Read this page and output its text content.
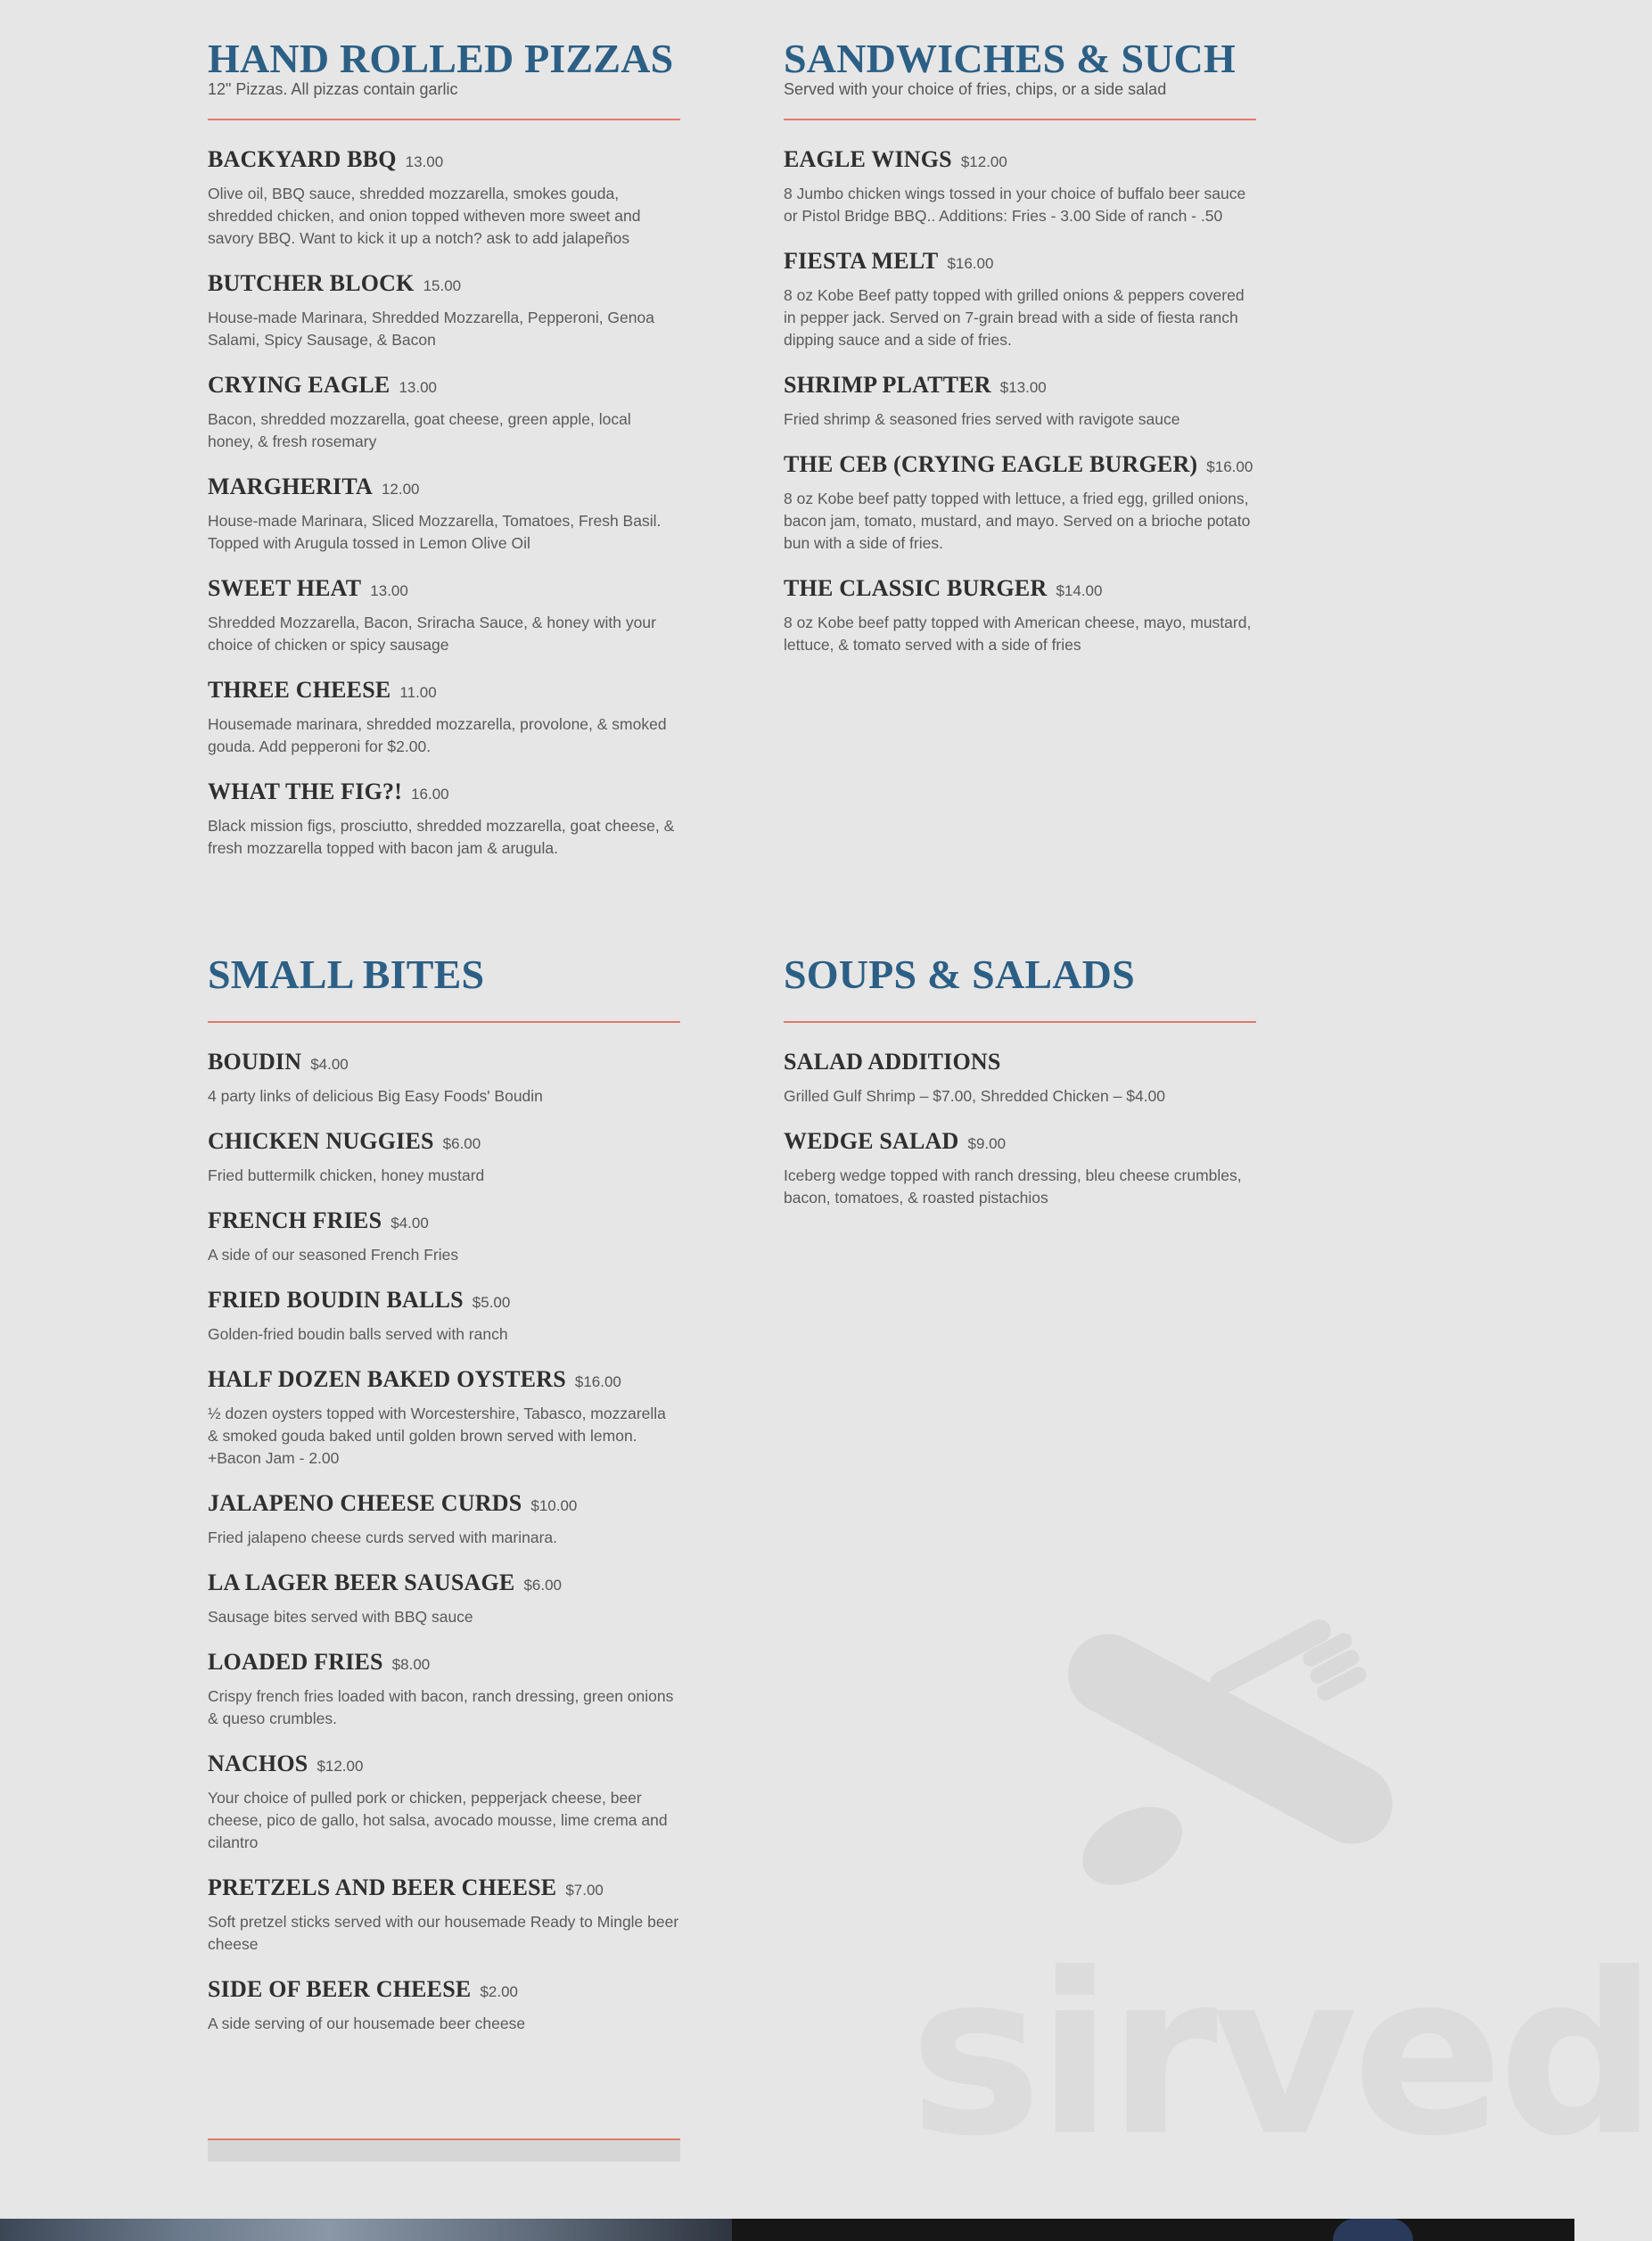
sirved
HAND ROLLED PIZZAS
12" Pizzas. All pizzas contain garlic
BACKYARD BBQ 13.00
Olive oil, BBQ sauce, shredded mozzarella, smokes gouda, shredded chicken, and onion topped witheven more sweet and savory BBQ. Want to kick it up a notch? ask to add jalapeños
BUTCHER BLOCK 15.00
House-made Marinara, Shredded Mozzarella, Pepperoni, Genoa Salami, Spicy Sausage, & Bacon
CRYING EAGLE 13.00
Bacon, shredded mozzarella, goat cheese, green apple, local honey, & fresh rosemary
MARGHERITA 12.00
House-made Marinara, Sliced Mozzarella, Tomatoes, Fresh Basil. Topped with Arugula tossed in Lemon Olive Oil
SWEET HEAT 13.00
Shredded Mozzarella, Bacon, Sriracha Sauce, & honey with your choice of chicken or spicy sausage
THREE CHEESE 11.00
Housemade marinara, shredded mozzarella, provolone, & smoked gouda. Add pepperoni for $2.00.
WHAT THE FIG?! 16.00
Black mission figs, prosciutto, shredded mozzarella, goat cheese, & fresh mozzarella topped with bacon jam & arugula.
SANDWICHES & SUCH
Served with your choice of fries, chips, or a side salad
EAGLE WINGS $12.00
8 Jumbo chicken wings tossed in your choice of buffalo beer sauce or Pistol Bridge BBQ.. Additions: Fries - 3.00 Side of ranch - .50
FIESTA MELT $16.00
8 oz Kobe Beef patty topped with grilled onions & peppers covered in pepper jack. Served on 7-grain bread with a side of fiesta ranch dipping sauce and a side of fries.
SHRIMP PLATTER $13.00
Fried shrimp & seasoned fries served with ravigote sauce
THE CEB (CRYING EAGLE BURGER) $16.00
8 oz Kobe beef patty topped with lettuce, a fried egg, grilled onions, bacon jam, tomato, mustard, and mayo. Served on a brioche potato bun with a side of fries.
THE CLASSIC BURGER $14.00
8 oz Kobe beef patty topped with American cheese, mayo, mustard, lettuce, & tomato served with a side of fries
SMALL BITES
BOUDIN $4.00
4 party links of delicious Big Easy Foods' Boudin
CHICKEN NUGGIES $6.00
Fried buttermilk chicken, honey mustard
FRENCH FRIES $4.00
A side of our seasoned French Fries
FRIED BOUDIN BALLS $5.00
Golden-fried boudin balls served with ranch
HALF DOZEN BAKED OYSTERS $16.00
½ dozen oysters topped with Worcestershire, Tabasco, mozzarella & smoked gouda baked until golden brown served with lemon. +Bacon Jam - 2.00
JALAPENO CHEESE CURDS $10.00
Fried jalapeno cheese curds served with marinara.
LA LAGER BEER SAUSAGE $6.00
Sausage bites served with BBQ sauce
LOADED FRIES $8.00
Crispy french fries loaded with bacon, ranch dressing, green onions & queso crumbles.
NACHOS $12.00
Your choice of pulled pork or chicken, pepperjack cheese, beer cheese, pico de gallo, hot salsa, avocado mousse, lime crema and cilantro
PRETZELS AND BEER CHEESE $7.00
Soft pretzel sticks served with our housemade Ready to Mingle beer cheese
SIDE OF BEER CHEESE $2.00
A side serving of our housemade beer cheese
SOUPS & SALADS
SALAD ADDITIONS
Grilled Gulf Shrimp – $7.00, Shredded Chicken – $4.00
WEDGE SALAD $9.00
Iceberg wedge topped with ranch dressing, bleu cheese crumbles, bacon, tomatoes, & roasted pistachios
